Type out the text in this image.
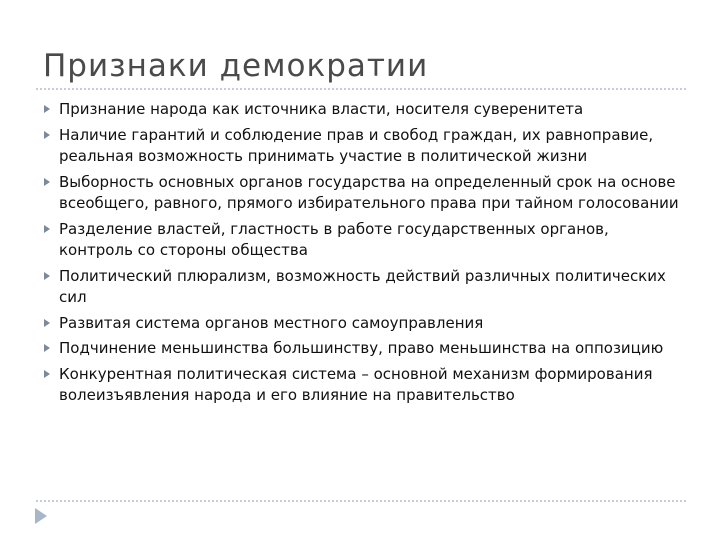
Признаки демократии
Признание народа как источника власти, носителя суверенитета
Наличие гарантий и соблюдение прав и свобод граждан, их равноправие, реальная возможность принимать участие в политической жизни
Выборность основных органов государства на определенный срок на основе всеобщего, равного, прямого избирательного права при тайном голосовании
Разделение властей, гластность в работе государственных органов, контроль со стороны общества
Политический плюрализм, возможность действий различных политических сил
Развитая система органов местного самоуправления
Подчинение меньшинства большинству, право меньшинства на оппозицию
Конкурентная политическая система – основной механизм формирования волеизъявления народа и его влияние на правительство
